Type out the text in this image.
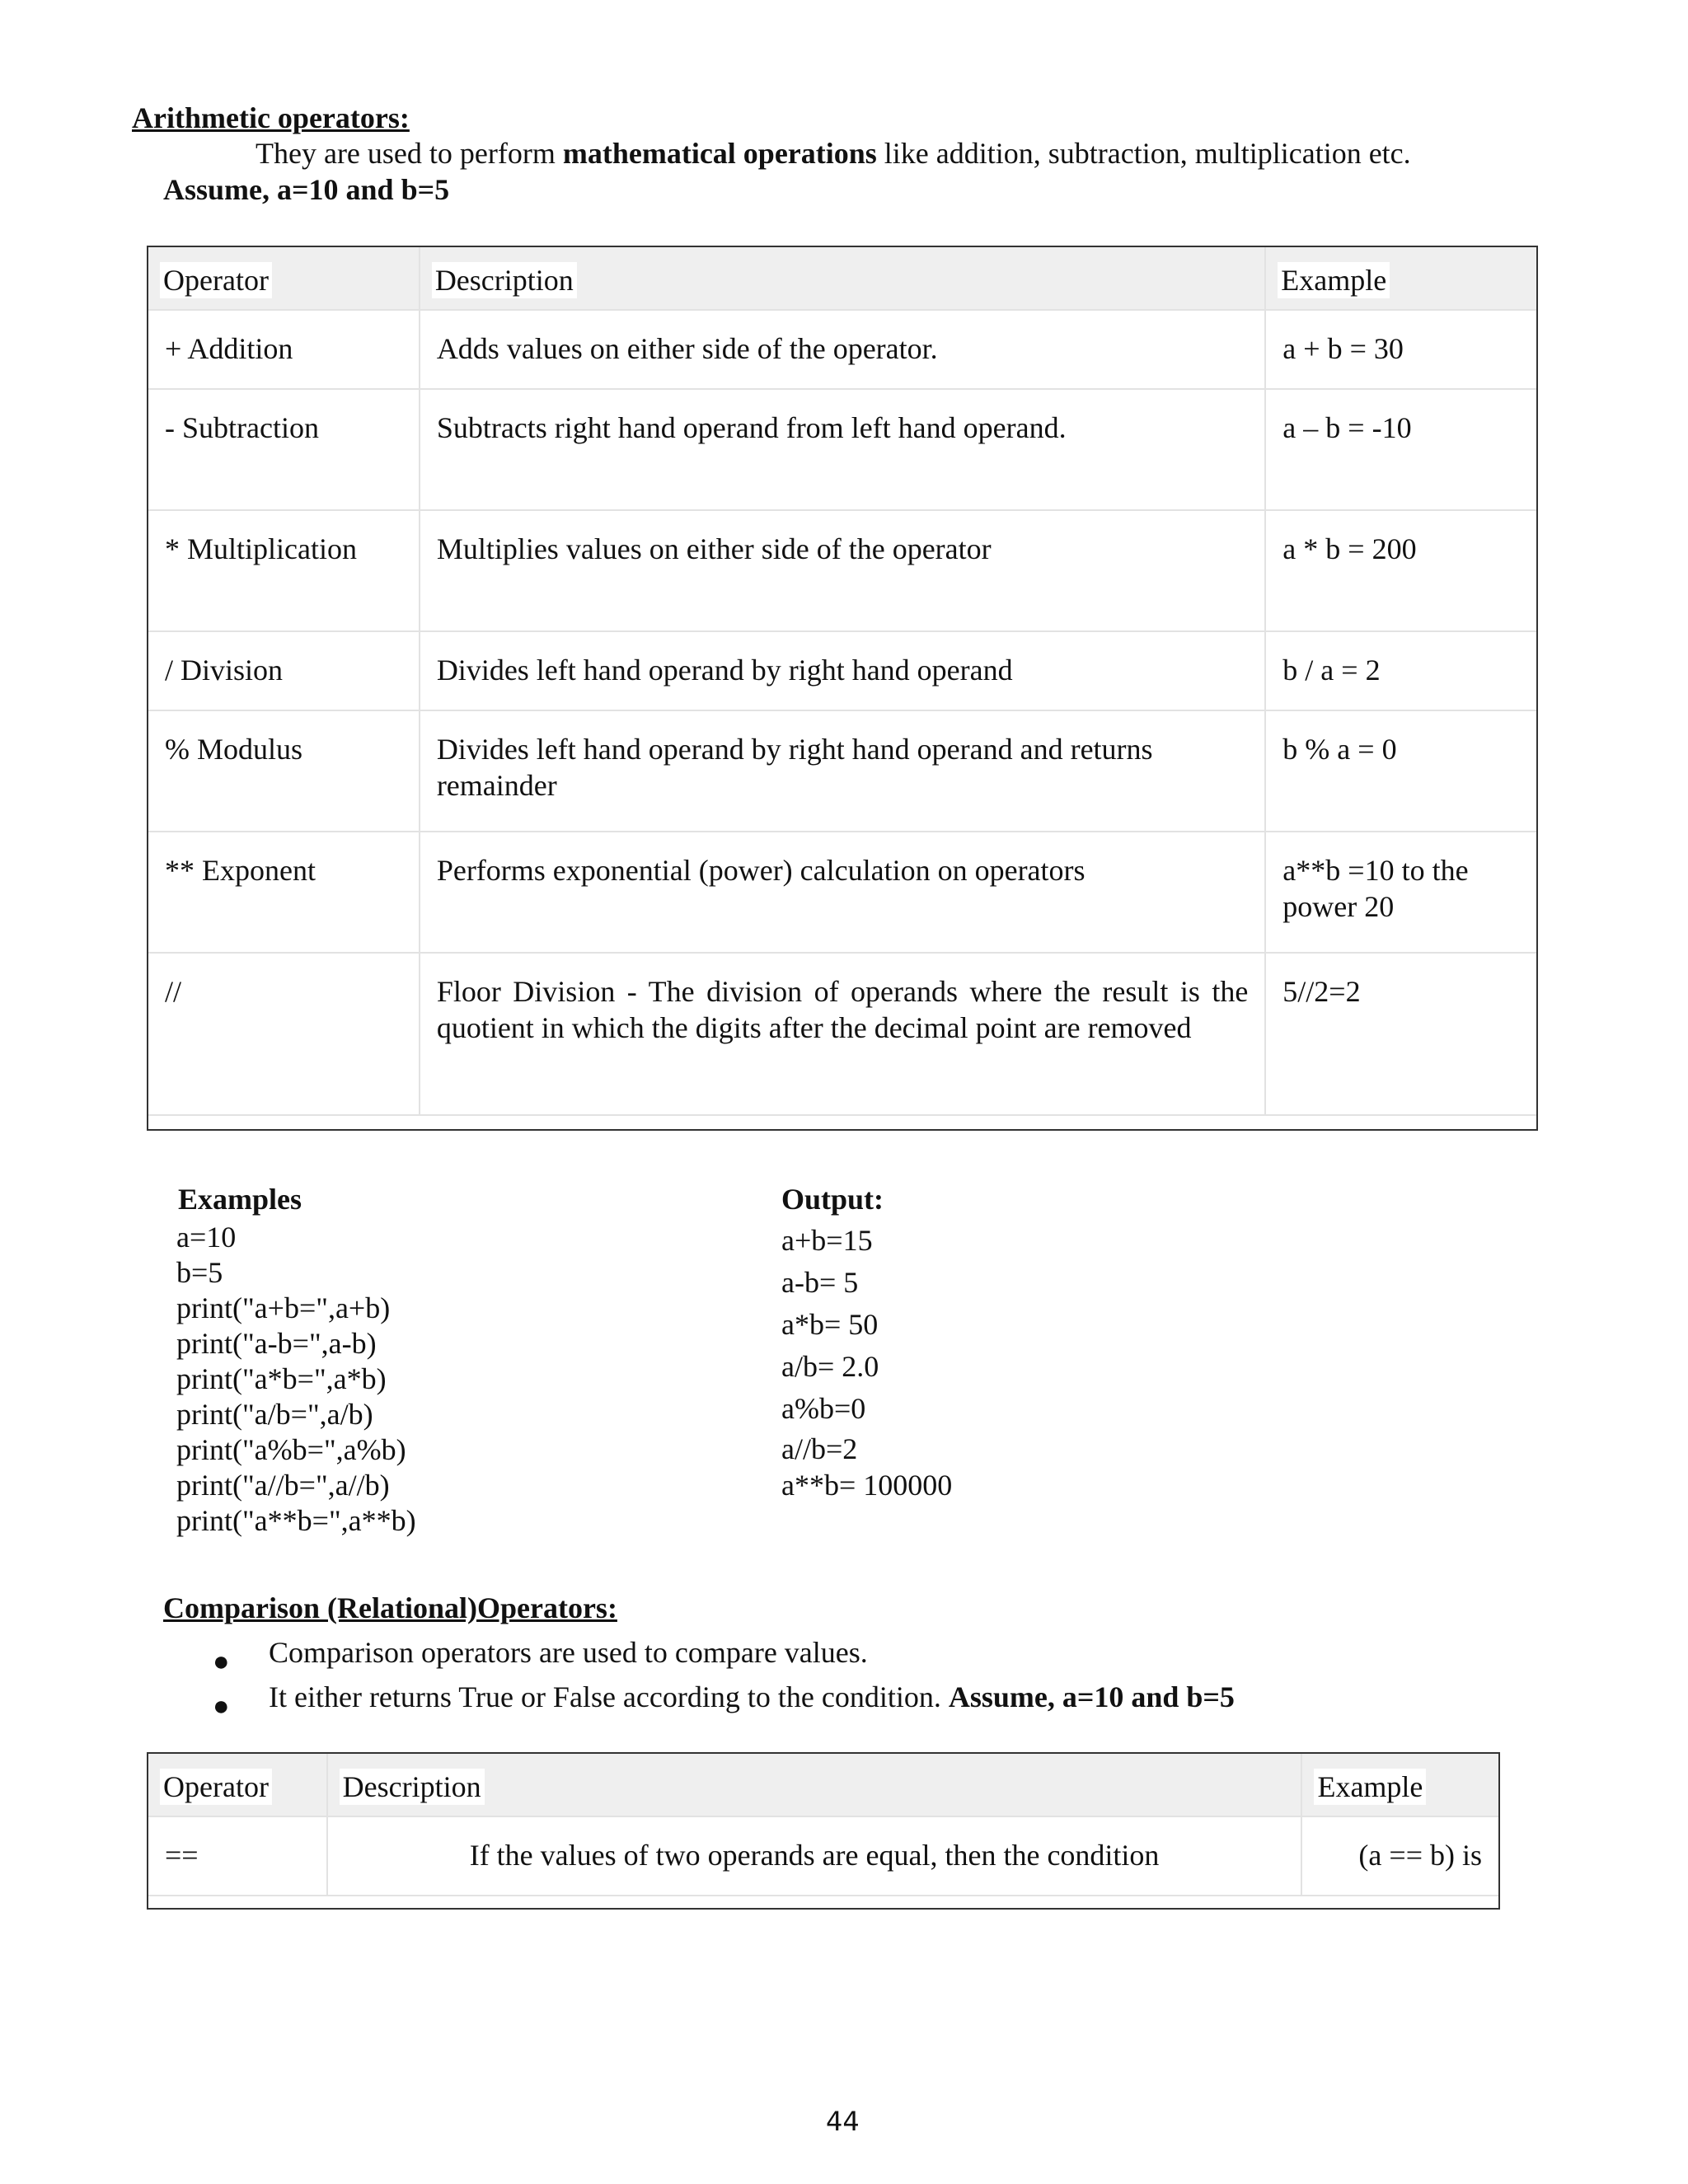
Arithmetic operators:
They are used to perform mathematical operations like addition, subtraction, multiplication etc.
Assume, a=10 and b=5
Operator	Description	Example
+ Addition	Adds values on either side of the operator.	a + b = 30
- Subtraction	Subtracts right hand operand from left hand operand.	a – b = -10
* Multiplication	Multiplies values on either side of the operator	a * b = 200
/ Division	Divides left hand operand by right hand operand	b / a = 2
% Modulus	Divides left hand operand by right hand operand and returns remainder	b % a = 0
** Exponent	Performs exponential (power) calculation on operators	a**b =10 to the power 20
//	Floor Division - The division of operands where the result is the quotient in which the digits after the decimal point are removed	5//2=2
Examples
a=10
b=5
print("a+b=",a+b)
print("a-b=",a-b)
print("a*b=",a*b)
print("a/b=",a/b)
print("a%b=",a%b)
print("a//b=",a//b)
print("a**b=",a**b)
Output:
a+b=15
a-b= 5
a*b= 50
a/b= 2.0
a%b=0
a//b=2
a**b= 100000
Comparison (Relational)Operators:
● Comparison operators are used to compare values.
● It either returns True or False according to the condition. Assume, a=10 and b=5
Operator	Description	Example
==	If the values of two operands are equal, then the condition	(a == b) is
44
